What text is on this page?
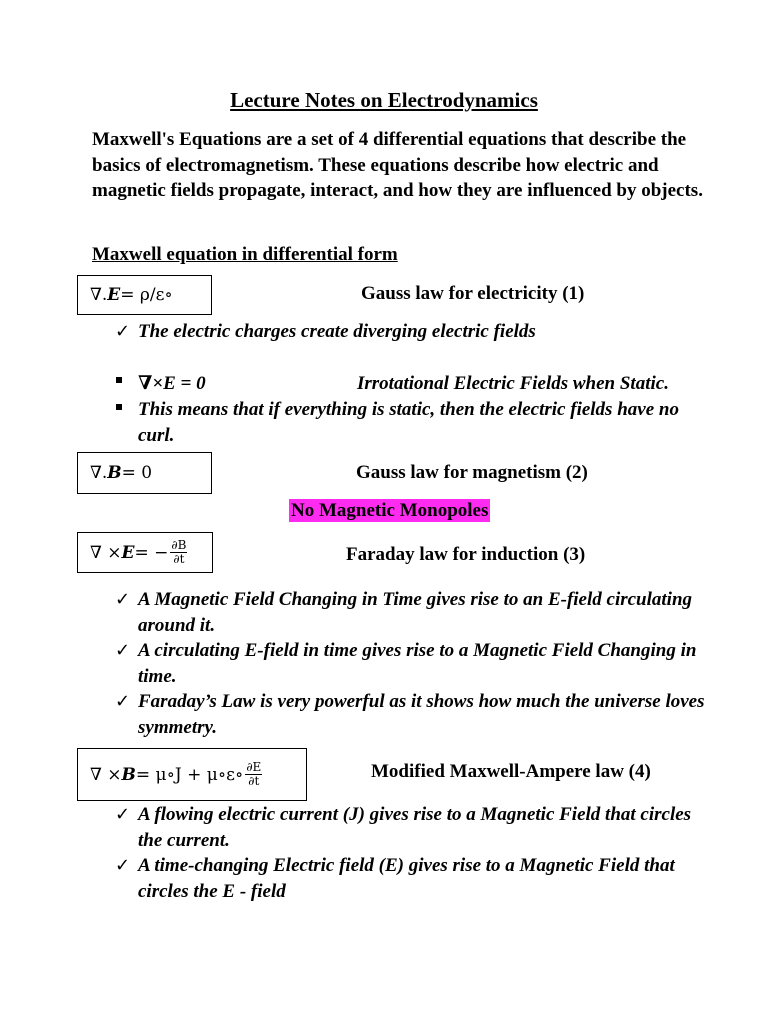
Lecture Notes on Electrodynamics
Maxwell's Equations are a set of 4 differential equations that describe the basics of electromagnetism. These equations describe how electric and magnetic fields propagate, interact, and how they are influenced by objects.
Maxwell equation in differential form
∇. E = ρ/ε∘	Gauss law for electricity (1)
✓ The electric charges create diverging electric fields
∇×E = 0	Irrotational Electric Fields when Static.
This means that if everything is static, then the electric fields have no curl.
∇. B = 0	Gauss law for magnetism (2)
No Magnetic Monopoles
∇ × E = − $\frac{\partial B}{\partial t}$	Faraday law for induction (3)
✓ A Magnetic Field Changing in Time gives rise to an E-field circulating around it.
✓ A circulating E-field in time gives rise to a Magnetic Field Changing in time.
✓ Faraday’s Law is very powerful as it shows how much the universe loves symmetry.
∇ × B = μ∘J + μ∘ε∘ $\frac{\partial E}{\partial t}$	Modified Maxwell-Ampere law (4)
✓ A flowing electric current (J) gives rise to a Magnetic Field that circles the current.
✓ A time-changing Electric field (E) gives rise to a Magnetic Field that circles the E - field
